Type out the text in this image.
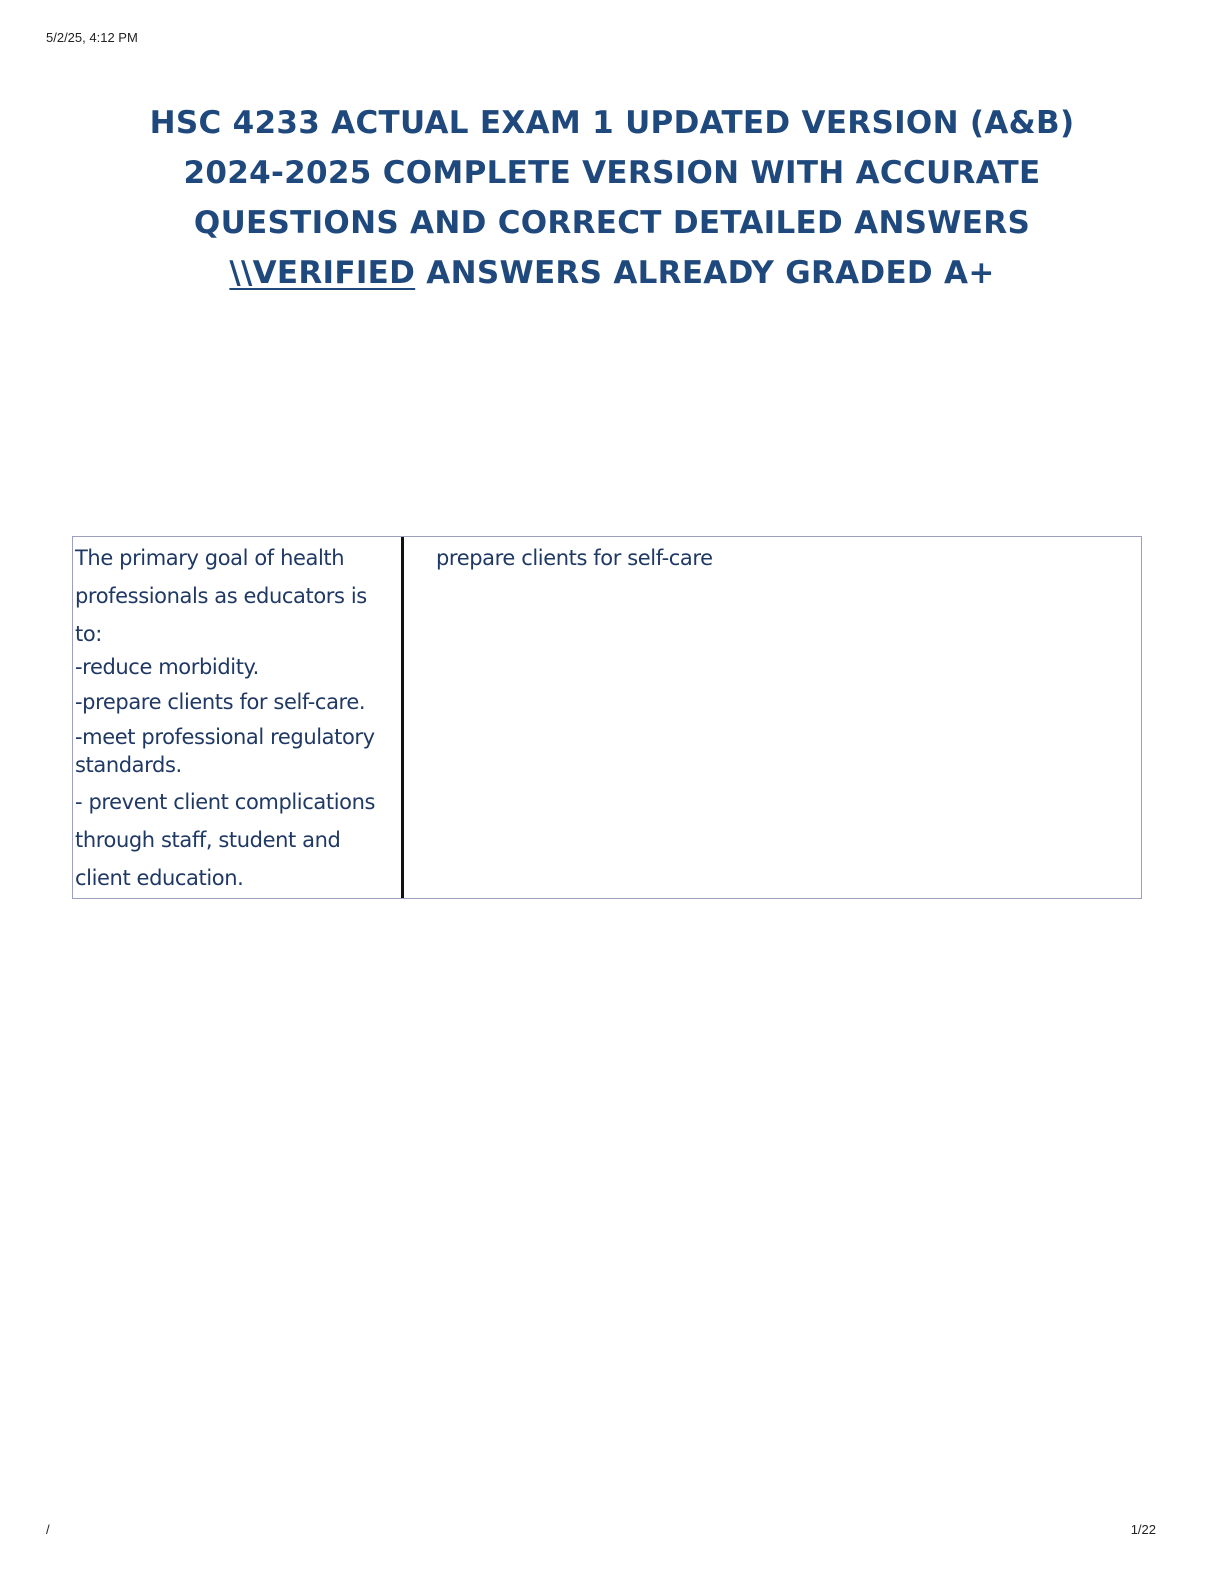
5/2/25, 4:12 PM
HSC 4233 ACTUAL EXAM 1 UPDATED VERSION (A&B)
2024-2025 COMPLETE VERSION WITH ACCURATE
QUESTIONS AND CORRECT DETAILED ANSWERS
\\VERIFIED ANSWERS ALREADY GRADED A+
The primary goal of health professionals as educators is to:
-reduce morbidity.
-prepare clients for self-care.
-meet professional regulatory standards.
- prevent client complications through staff, student and client education.
prepare clients for self-care
/	1/22
